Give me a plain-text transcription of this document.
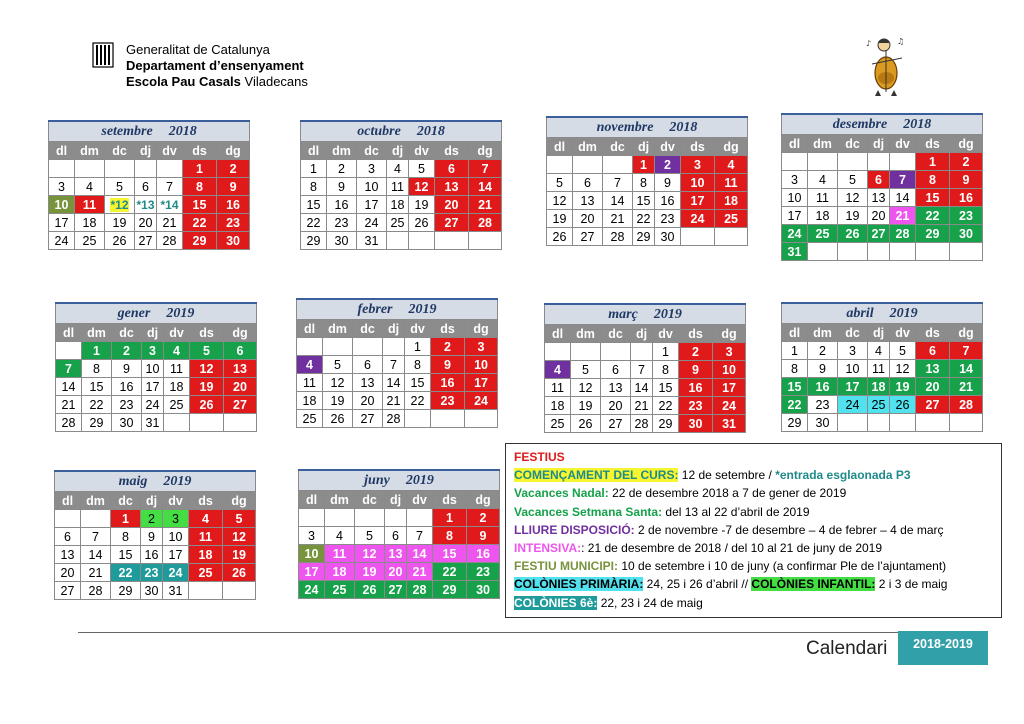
Generalitat de Catalunya
Departament d’ensenyament
Escola Pau Casals Viladecans
♪	♫
setembre 2018						
dl	dm	dc	dj	dv	ds	dg
					1	2
3	4	5	6	7	8	9
10	11	*12	*13	*14	15	16
17	18	19	20	21	22	23
24	25	26	27	28	29	30
octubre 2018						
dl	dm	dc	dj	dv	ds	dg
1	2	3	4	5	6	7
8	9	10	11	12	13	14
15	16	17	18	19	20	21
22	23	24	25	26	27	28
29	30	31				
novembre 2018						
dl	dm	dc	dj	dv	ds	dg
			1	2	3	4
5	6	7	8	9	10	11
12	13	14	15	16	17	18
19	20	21	22	23	24	25
26	27	28	29	30		
desembre 2018						
dl	dm	dc	dj	dv	ds	dg
					1	2
3	4	5	6	7	8	9
10	11	12	13	14	15	16
17	18	19	20	21	22	23
24	25	26	27	28	29	30
31						
gener 2019						
dl	dm	dc	dj	dv	ds	dg
	1	2	3	4	5	6
7	8	9	10	11	12	13
14	15	16	17	18	19	20
21	22	23	24	25	26	27
28	29	30	31			
febrer 2019						
dl	dm	dc	dj	dv	ds	dg
				1	2	3
4	5	6	7	8	9	10
11	12	13	14	15	16	17
18	19	20	21	22	23	24
25	26	27	28			
març 2019						
dl	dm	dc	dj	dv	ds	dg
				1	2	3
4	5	6	7	8	9	10
11	12	13	14	15	16	17
18	19	20	21	22	23	24
25	26	27	28	29	30	31
abril 2019						
dl	dm	dc	dj	dv	ds	dg
1	2	3	4	5	6	7
8	9	10	11	12	13	14
15	16	17	18	19	20	21
22	23	24	25	26	27	28
29	30					
maig 2019						
dl	dm	dc	dj	dv	ds	dg
		1	2	3	4	5
6	7	8	9	10	11	12
13	14	15	16	17	18	19
20	21	22	23	24	25	26
27	28	29	30	31		
juny 2019						
dl	dm	dc	dj	dv	ds	dg
					1	2
3	4	5	6	7	8	9
10	11	12	13	14	15	16
17	18	19	20	21	22	23
24	25	26	27	28	29	30
FESTIUS
COMENÇAMENT DEL CURS: 12 de setembre / *entrada esglaonada P3
Vacances Nadal: 22 de desembre 2018 a 7 de gener de 2019
Vacances Setmana Santa: del 13 al 22 d’abril de 2019
LLIURE DISPOSICIÓ: 2 de novembre -7 de desembre – 4 de febrer – 4 de març
INTENSIVA:: 21 de desembre de 2018 / del 10 al 21 de juny de 2019
FESTIU MUNICIPI: 10 de setembre i 10 de juny (a confirmar Ple de l’ajuntament)
COLÒNIES PRIMÀRIA: 24, 25 i 26 d’abril // COLÒNIES INFANTIL: 2 i 3 de maig
COLÒNIES 6è: 22, 23 i 24 de maig
Calendari	2018-2019
